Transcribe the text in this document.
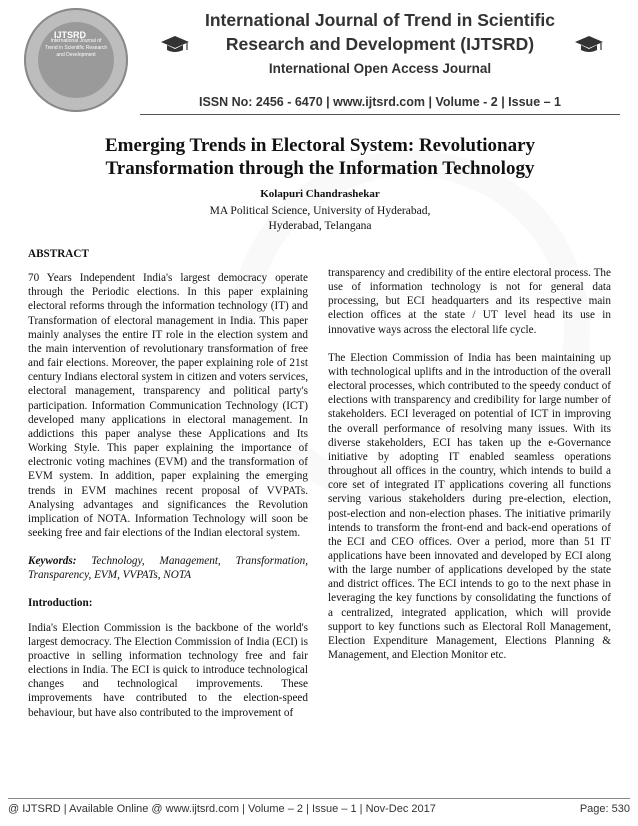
IJTSRD
International Journal of Trend in Scientific Research and Development
International Journal of Trend in Scientific
Research and Development (IJTSRD)
International Open Access Journal
ISSN No: 2456 - 6470 | www.ijtsrd.com | Volume - 2 | Issue – 1
Emerging Trends in Electoral System: Revolutionary
Transformation through the Information Technology
Kolapuri Chandrashekar
MA Political Science, University of Hyderabad,
Hyderabad, Telangana
ABSTRACT

70 Years Independent India's largest democracy operate through the Periodic elections. In this paper explaining electoral reforms through the information technology (IT) and Transformation of electoral management in India. This paper mainly analyses the entire IT role in the election system and the main intervention of revolutionary transformation of free and fair elections. Moreover, the paper explaining role of 21st century Indians electoral system in citizen and voters services, electoral management, transparency and political party's participation. Information Communication Technology (ICT) developed many applications in electoral management. In addictions this paper analyse these Applications and Its Working Style. This paper explaining the importance of electronic voting machines (EVM) and the transformation of EVM system. In addition, paper explaining the emerging trends in EVM machines recent proposal of VVPATs. Analysing advantages and significances the Revolution implication of NOTA. Information Technology will soon be seeking free and fair elections of the Indian electoral system.

Keywords: Technology, Management, Transformation, Transparency, EVM, VVPATs, NOTA

Introduction:

India's Election Commission is the backbone of the world's largest democracy. The Election Commission of India (ECI) is proactive in selling information technology free and fair elections in India. The ECI is quick to introduce technological changes and technological improvements. These improvements have contributed to the election-speed behaviour, but have also contributed to the improvement of

transparency and credibility of the entire electoral process. The use of information technology is not for general data processing, but ECI headquarters and its respective main election offices at the state / UT level head its use in innovative ways across the electoral life cycle.

The Election Commission of India has been maintaining up with technological uplifts and in the introduction of the overall electoral processes, which contributed to the speedy conduct of elections with transparency and credibility for large number of stakeholders. ECI leveraged on potential of ICT in improving the overall performance of resolving many issues. With its diverse stakeholders, ECI has taken up the e-Governance initiative by adopting IT enabled seamless operations throughout all offices in the country, which intends to build a core set of integrated IT applications covering all functions serving various stakeholders during pre-election, election, post-election and non-election phases. The initiative primarily intends to transform the front-end and back-end operations of the ECI and CEO offices. Over a period, more than 51 IT applications have been innovated and developed by ECI along with the large number of applications developed by the state and district offices. The ECI intends to go to the next phase in leveraging the key functions by consolidating the functions of a centralized, integrated application, which will provide support to key functions such as Electoral Roll Management, Election Expenditure Management, Elections Planning & Management, and Election Monitor etc.

@ IJTSRD | Available Online @ www.ijtsrd.com | Volume – 2 | Issue – 1 | Nov-Dec 2017	Page: 530
